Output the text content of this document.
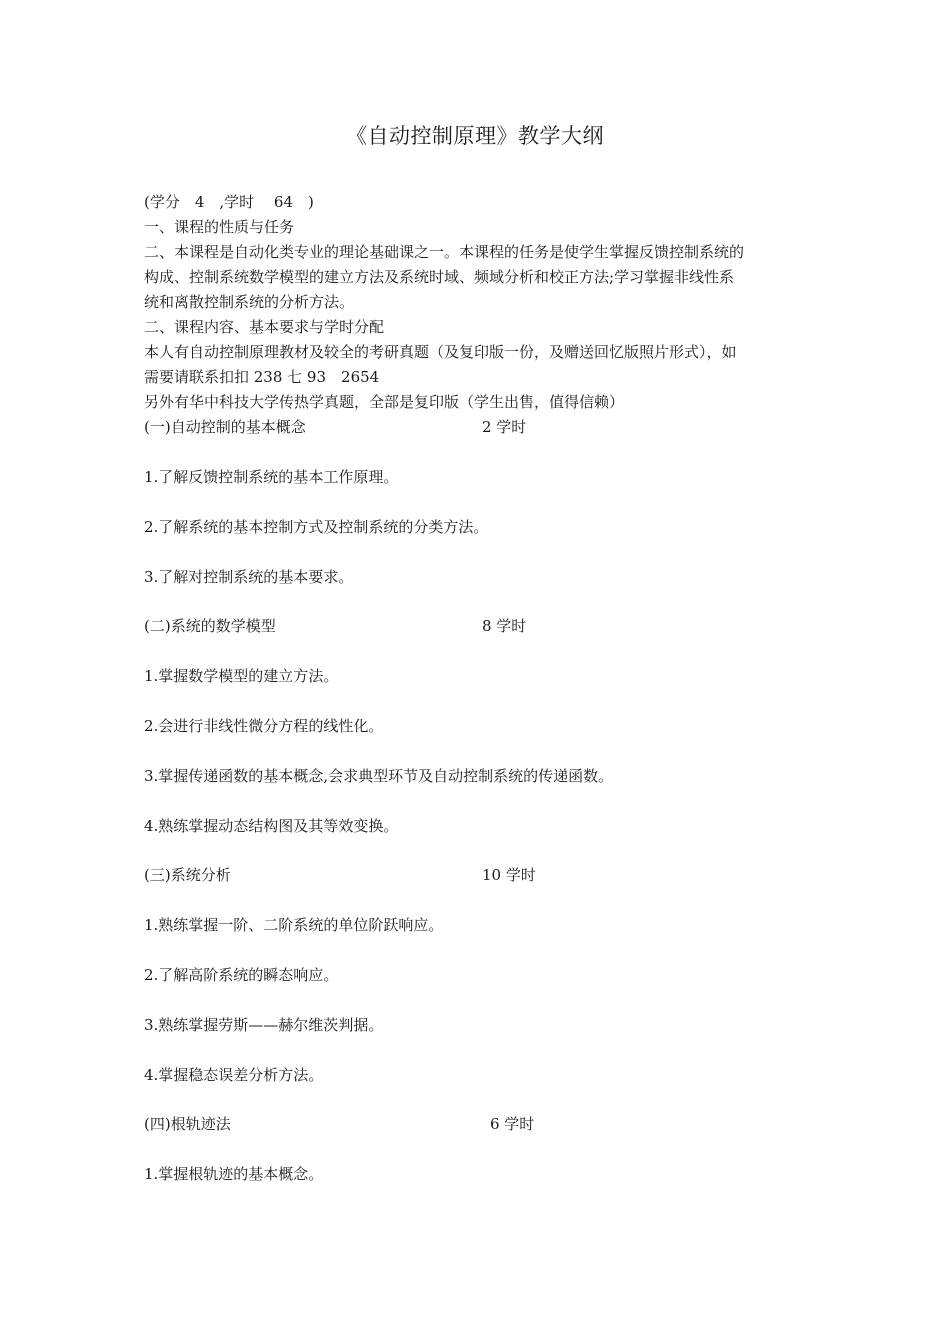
《自动控制原理》教学大纲
(学分　4　,学时　 64　)
一、课程的性质与任务
二、本课程是自动化类专业的理论基础课之一。本课程的任务是使学生掌握反馈控制系统的
构成、控制系统数学模型的建立方法及系统时域、频域分析和校正方法;学习掌握非线性系
统和离散控制系统的分析方法。
二、课程内容、基本要求与学时分配
本人有自动控制原理教材及较全的考研真题（及复印版一份，及赠送回忆版照片形式），如
需要请联系扣扣 238 七 93　2654
另外有华中科技大学传热学真题，全部是复印版（学生出售，值得信赖）
(一)自动控制的基本概念	2 学时
1.了解反馈控制系统的基本工作原理。
2.了解系统的基本控制方式及控制系统的分类方法。
3.了解对控制系统的基本要求。
(二)系统的数学模型	8 学时
1.掌握数学模型的建立方法。
2.会进行非线性微分方程的线性化。
3.掌握传递函数的基本概念,会求典型环节及自动控制系统的传递函数。
4.熟练掌握动态结构图及其等效变换。
(三)系统分析	10 学时
1.熟练掌握一阶、二阶系统的单位阶跃响应。
2.了解高阶系统的瞬态响应。
3.熟练掌握劳斯——赫尔维茨判据。
4.掌握稳态误差分析方法。
(四)根轨迹法	6 学时
1.掌握根轨迹的基本概念。
